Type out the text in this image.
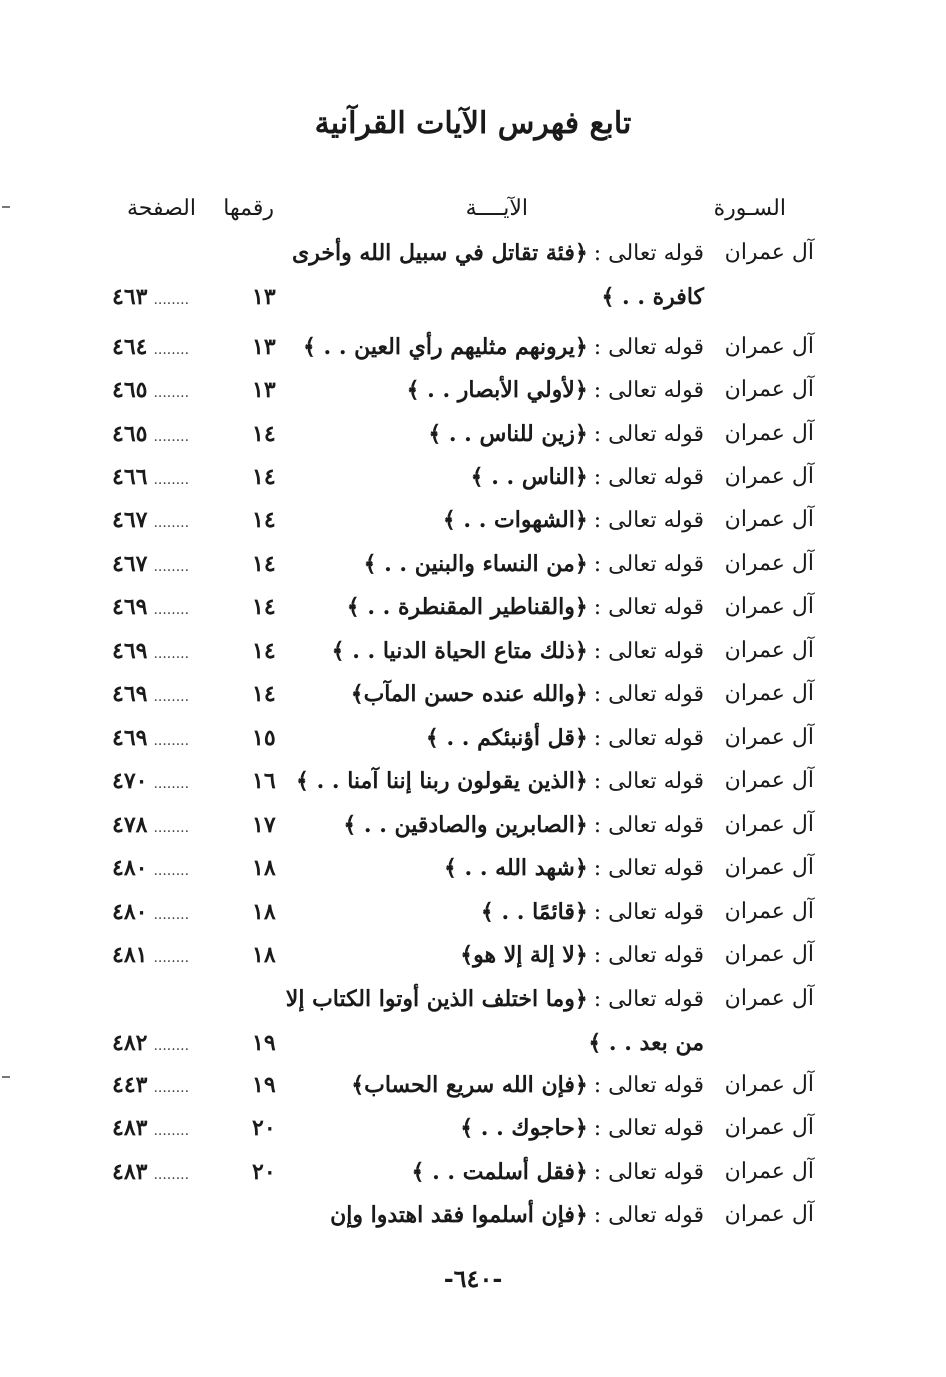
تابع فهرس الآيات القرآنية
السـورة
الآيــــة
رقمها
الصفحة
آل عمران
قوله تعالى :﴿فئة تقاتل في سبيل الله وأخرى
كافرة . . ﴾
١٣
٤٦٣ ........
آل عمران
قوله تعالى :﴿يرونهم مثليهم رأي العين . . ﴾
١٣
٤٦٤ ........
آل عمران
قوله تعالى :﴿لأولي الأبصار . . ﴾
١٣
٤٦٥ ........
آل عمران
قوله تعالى :﴿زين للناس . . ﴾
١٤
٤٦٥ ........
آل عمران
قوله تعالى :﴿الناس . . ﴾
١٤
٤٦٦ ........
آل عمران
قوله تعالى :﴿الشهوات . . ﴾
١٤
٤٦٧ ........
آل عمران
قوله تعالى :﴿من النساء والبنين . . ﴾
١٤
٤٦٧ ........
آل عمران
قوله تعالى :﴿والقناطير المقنطرة . . ﴾
١٤
٤٦٩ ........
آل عمران
قوله تعالى :﴿ذلك متاع الحياة الدنيا . . ﴾
١٤
٤٦٩ ........
آل عمران
قوله تعالى :﴿والله عنده حسن المآب﴾
١٤
٤٦٩ ........
آل عمران
قوله تعالى :﴿قل أؤنبئكم . . ﴾
١٥
٤٦٩ ........
آل عمران
قوله تعالى :﴿الذين يقولون ربنا إننا آمنا . . ﴾
١٦
٤٧٠ ........
آل عمران
قوله تعالى :﴿الصابرين والصادقين . . ﴾
١٧
٤٧٨ ........
آل عمران
قوله تعالى :﴿شهد الله . . ﴾
١٨
٤٨٠ ........
آل عمران
قوله تعالى :﴿قائمًا . . ﴾
١٨
٤٨٠ ........
آل عمران
قوله تعالى :﴿لا إلة إلا هو﴾
١٨
٤٨١ ........
آل عمران
قوله تعالى :﴿وما اختلف الذين أوتوا الكتاب إلا
من بعد . . ﴾
١٩
٤٨٢ ........
آل عمران
قوله تعالى :﴿فإن الله سريع الحساب﴾
١٩
٤٤٣ ........
آل عمران
قوله تعالى :﴿حاجوك . . ﴾
٢٠
٤٨٣ ........
آل عمران
قوله تعالى :﴿فقل أسلمت . . ﴾
٢٠
٤٨٣ ........
آل عمران
قوله تعالى :﴿فإن أسلموا فقد اهتدوا وإن
-٦٤٠-
